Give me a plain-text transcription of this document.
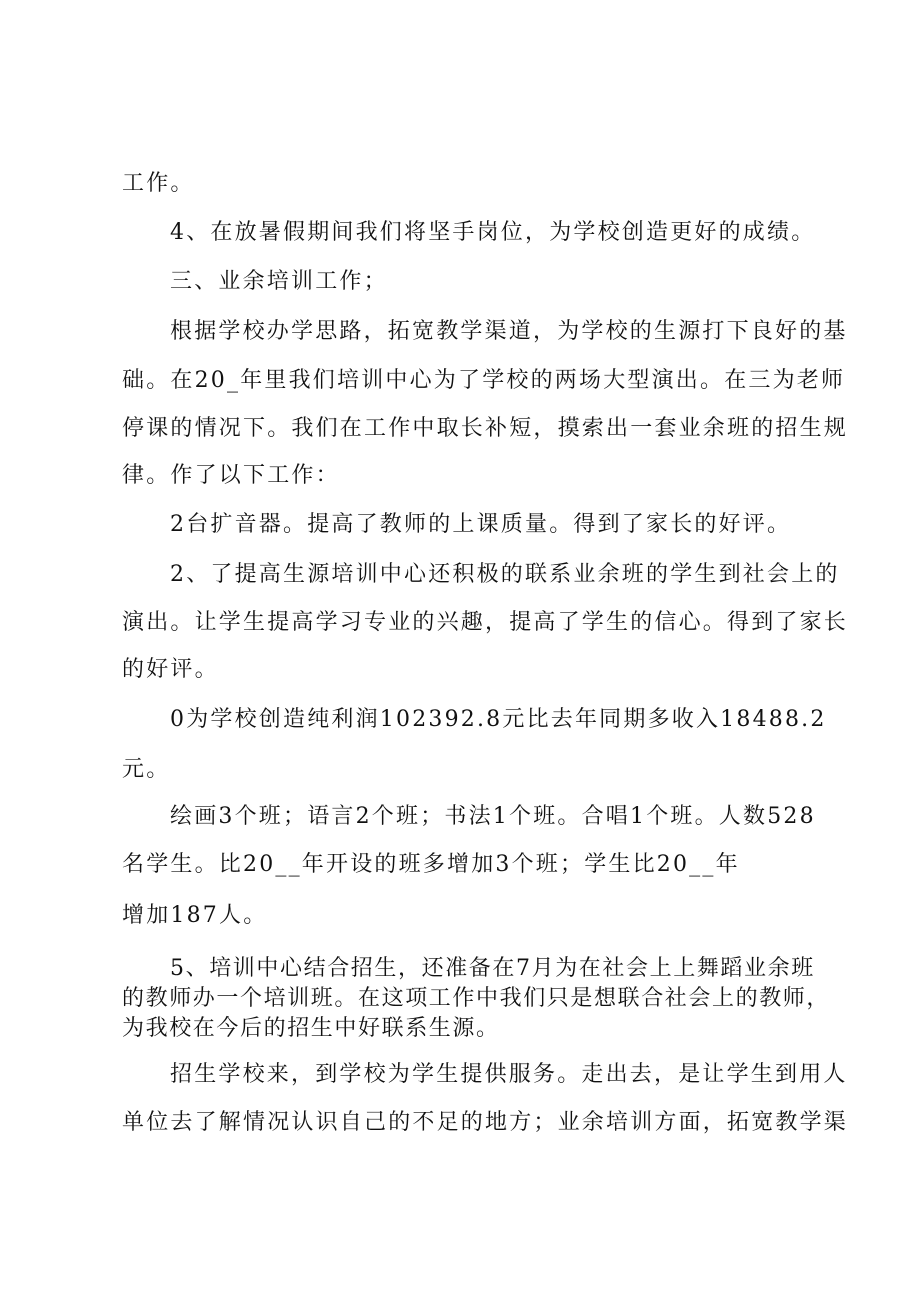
工作。

4、在放暑假期间我们将坚手岗位，为学校创造更好的成绩。

三、业余培训工作；

根据学校办学思路，拓宽教学渠道，为学校的生源打下良好的基

础。在20_年里我们培训中心为了学校的两场大型演出。在三为老师

停课的情况下。我们在工作中取长补短，摸索出一套业余班的招生规

律。作了以下工作：

2台扩音器。提高了教师的上课质量。得到了家长的好评。

2、了提高生源培训中心还积极的联系业余班的学生到社会上的

演出。让学生提高学习专业的兴趣，提高了学生的信心。得到了家长

的好评。

0为学校创造纯利润102392.8元比去年同期多收入18488.2

元。

绘画3个班；语言2个班；书法1个班。合唱1个班。人数528

名学生。比20__年开设的班多增加3个班；学生比20__年

增加187人。

5、培训中心结合招生，还准备在7月为在社会上上舞蹈业余班

的教师办一个培训班。在这项工作中我们只是想联合社会上的教师，

为我校在今后的招生中好联系生源。

招生学校来，到学校为学生提供服务。走出去，是让学生到用人

单位去了解情况认识自己的不足的地方；业余培训方面，拓宽教学渠
